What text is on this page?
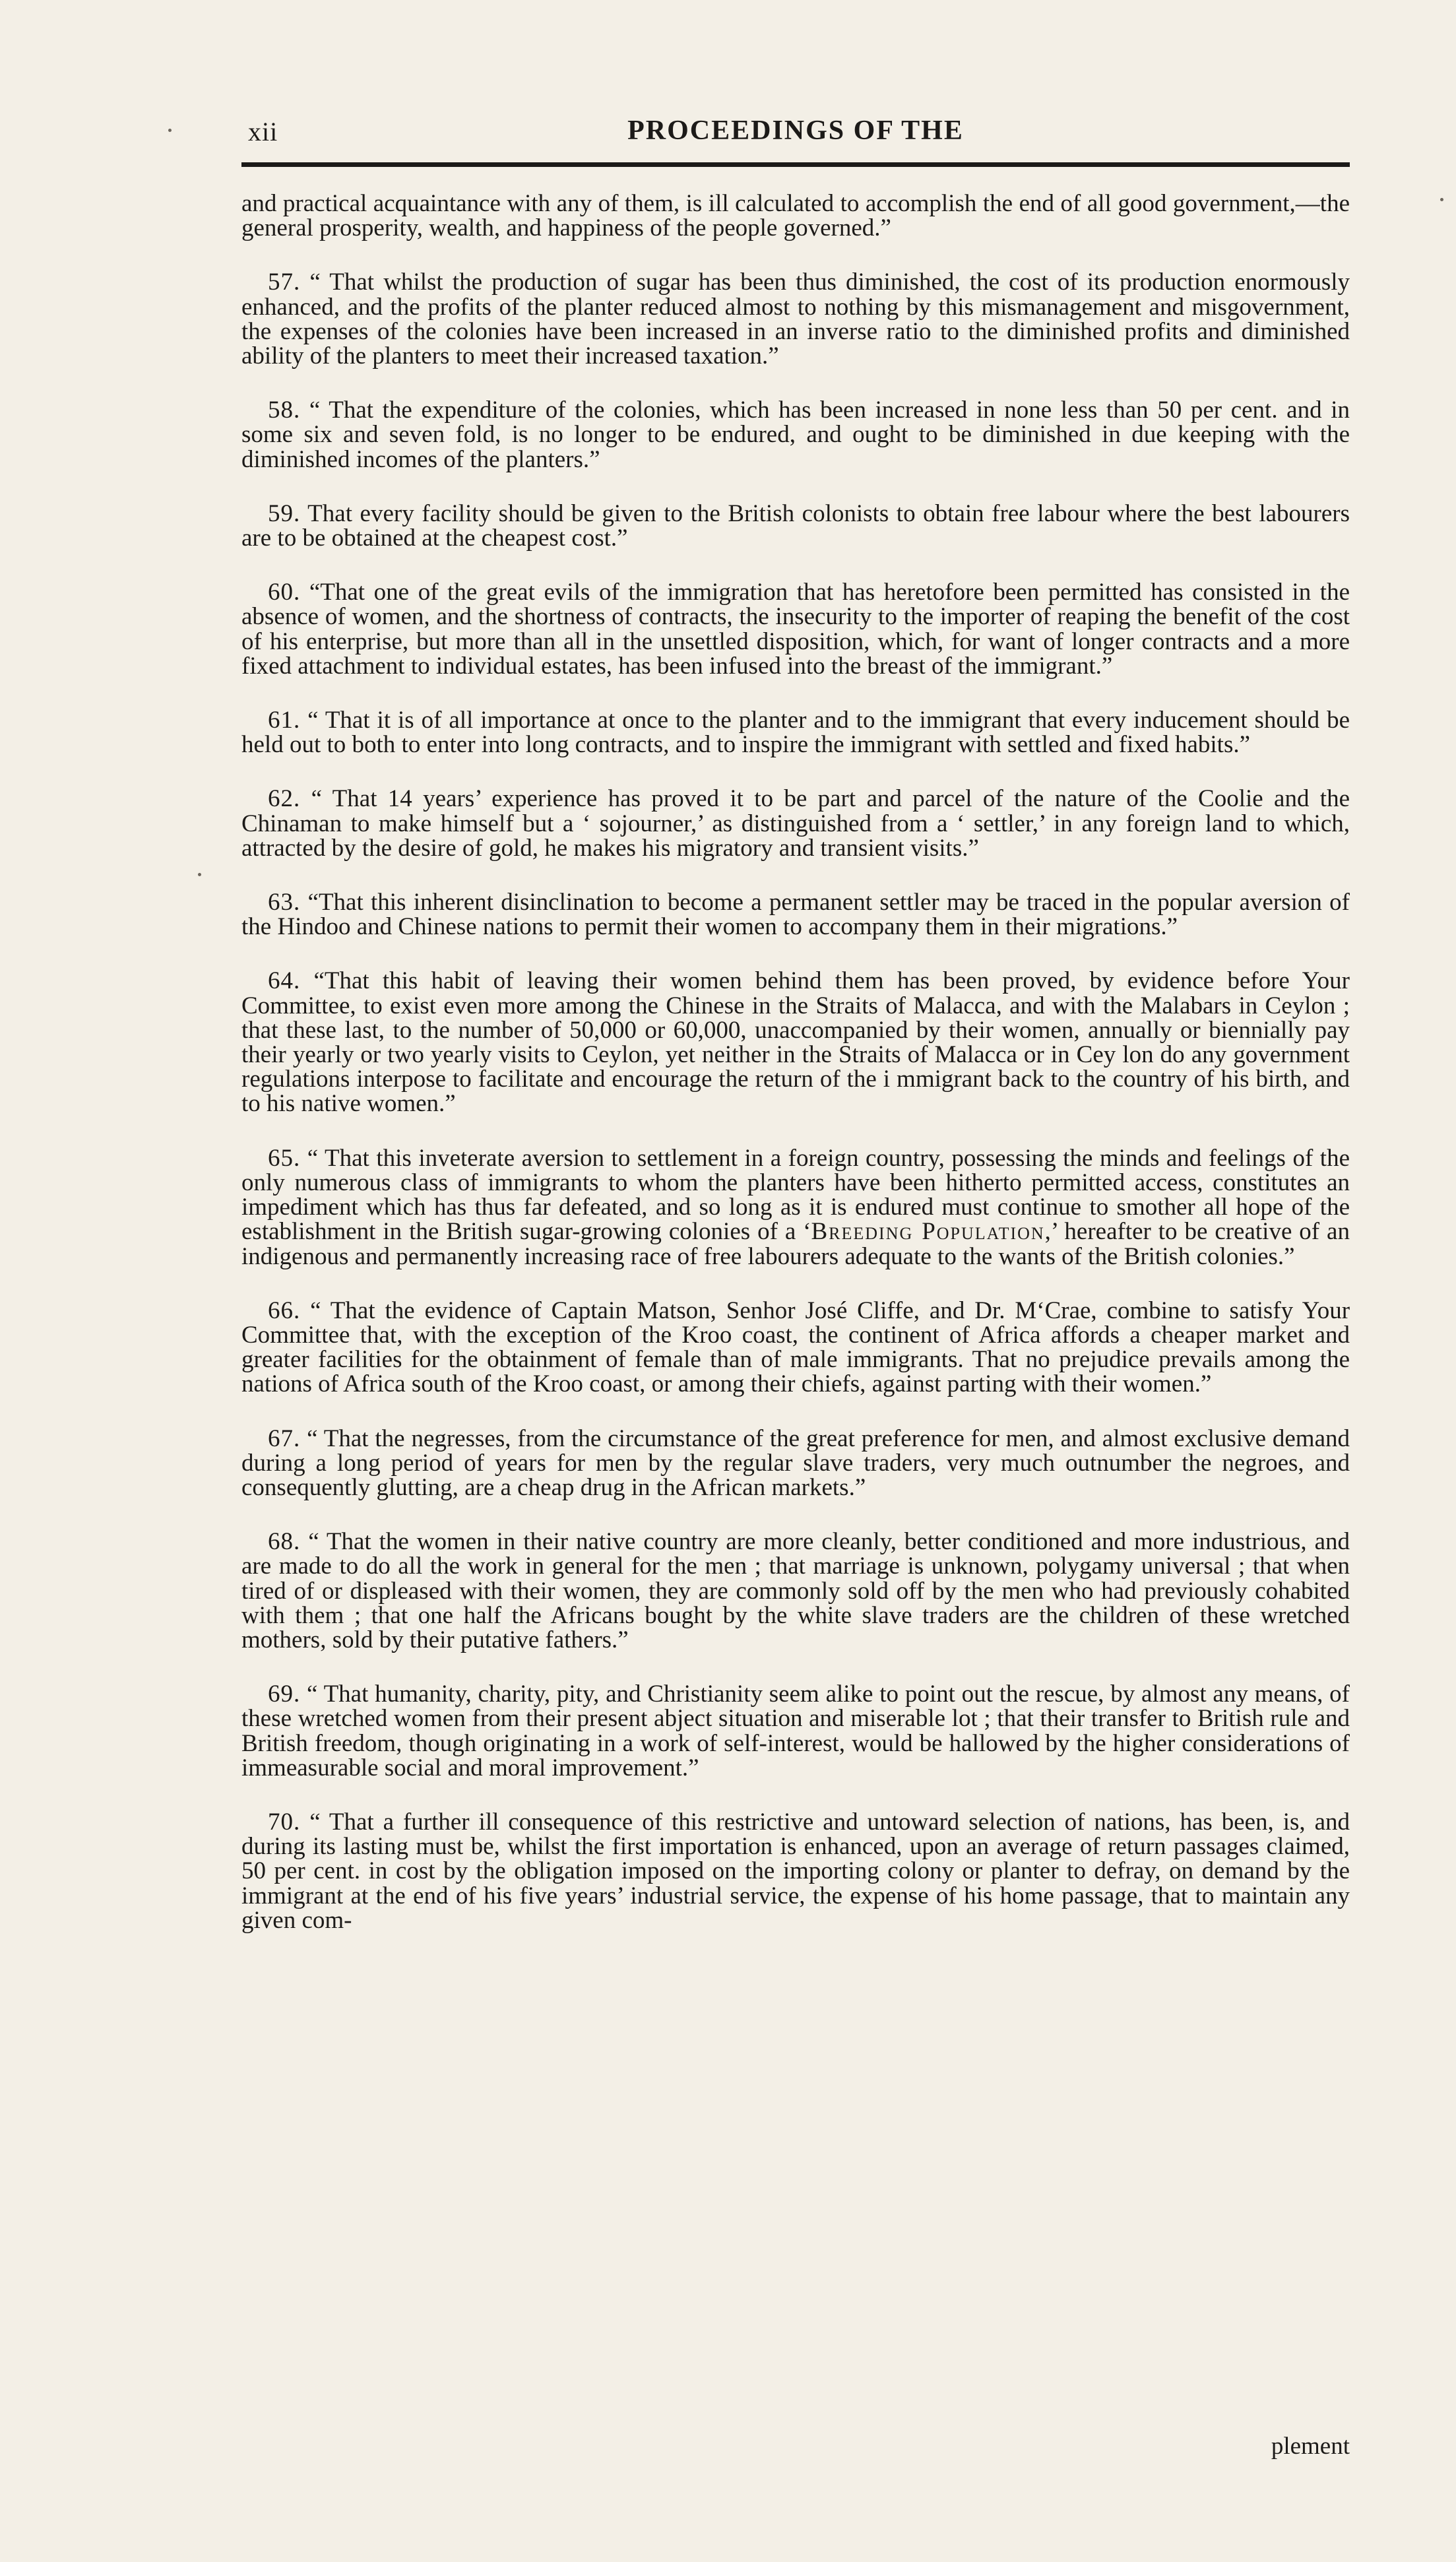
xii	PROCEEDINGS OF THE

and practical acquaintance with any of them, is ill calculated to accomplish the end of all good government,—the general prosperity, wealth, and happiness of the people governed.”

57. “ That whilst the production of sugar has been thus diminished, the cost of its production enormously enhanced, and the profits of the planter reduced almost to nothing by this mismanagement and misgovernment, the expenses of the colonies have been increased in an inverse ratio to the diminished profits and diminished ability of the planters to meet their increased taxation.”

58. “ That the expenditure of the colonies, which has been increased in none less than 50 per cent. and in some six and seven fold, is no longer to be endured, and ought to be diminished in due keeping with the diminished incomes of the planters.”

59. That every facility should be given to the British colonists to obtain free labour where the best labourers are to be obtained at the cheapest cost.”

60. “That one of the great evils of the immigration that has heretofore been permitted has consisted in the absence of women, and the shortness of contracts, the insecurity to the importer of reaping the benefit of the cost of his enterprise, but more than all in the unsettled disposition, which, for want of longer contracts and a more fixed attachment to individual estates, has been infused into the breast of the immigrant.”

61. “ That it is of all importance at once to the planter and to the immigrant that every inducement should be held out to both to enter into long contracts, and to inspire the immigrant with settled and fixed habits.”

62. “ That 14 years’ experience has proved it to be part and parcel of the nature of the Coolie and the Chinaman to make himself but a ‘ sojourner,’ as distinguished from a ‘ settler,’ in any foreign land to which, attracted by the desire of gold, he makes his migratory and transient visits.”

63. “That this inherent disinclination to become a permanent settler may be traced in the popular aversion of the Hindoo and Chinese nations to permit their women to accompany them in their migrations.”

64. “That this habit of leaving their women behind them has been proved, by evidence before Your Committee, to exist even more among the Chinese in the Straits of Malacca, and with the Malabars in Ceylon ; that these last, to the number of 50,000 or 60,000, unaccompanied by their women, annually or biennially pay their yearly or two yearly visits to Ceylon, yet neither in the Straits of Malacca or in Cey lon do any government regulations interpose to facilitate and encourage the return of the i mmigrant back to the country of his birth, and to his native women.”

65. “ That this inveterate aversion to settlement in a foreign country, possessing the minds and feelings of the only numerous class of immigrants to whom the planters have been hitherto permitted access, constitutes an impediment which has thus far defeated, and so long as it is endured must continue to smother all hope of the establishment in the British sugar-growing colonies of a ‘Breeding Population,’ hereafter to be creative of an indigenous and permanently increasing race of free labourers adequate to the wants of the British colonies.”

66. “ That the evidence of Captain Matson, Senhor José Cliffe, and Dr. M‘Crae, combine to satisfy Your Committee that, with the exception of the Kroo coast, the continent of Africa affords a cheaper market and greater facilities for the obtainment of female than of male immigrants. That no prejudice prevails among the nations of Africa south of the Kroo coast, or among their chiefs, against parting with their women.”

67. “ That the negresses, from the circumstance of the great preference for men, and almost exclusive demand during a long period of years for men by the regular slave traders, very much outnumber the negroes, and consequently glutting, are a cheap drug in the African markets.”

68. “ That the women in their native country are more cleanly, better conditioned and more industrious, and are made to do all the work in general for the men ; that marriage is unknown, polygamy universal ; that when tired of or displeased with their women, they are commonly sold off by the men who had previously cohabited with them ; that one half the Africans bought by the white slave traders are the children of these wretched mothers, sold by their putative fathers.”

69. “ That humanity, charity, pity, and Christianity seem alike to point out the rescue, by almost any means, of these wretched women from their present abject situation and miserable lot ; that their transfer to British rule and British freedom, though originating in a work of self-interest, would be hallowed by the higher considerations of immeasurable social and moral improvement.”

70. “ That a further ill consequence of this restrictive and untoward selection of nations, has been, is, and during its lasting must be, whilst the first importation is enhanced, upon an average of return passages claimed, 50 per cent. in cost by the obligation imposed on the importing colony or planter to defray, on demand by the immigrant at the end of his five years’ industrial service, the expense of his home passage, that to maintain any given com-

plement
